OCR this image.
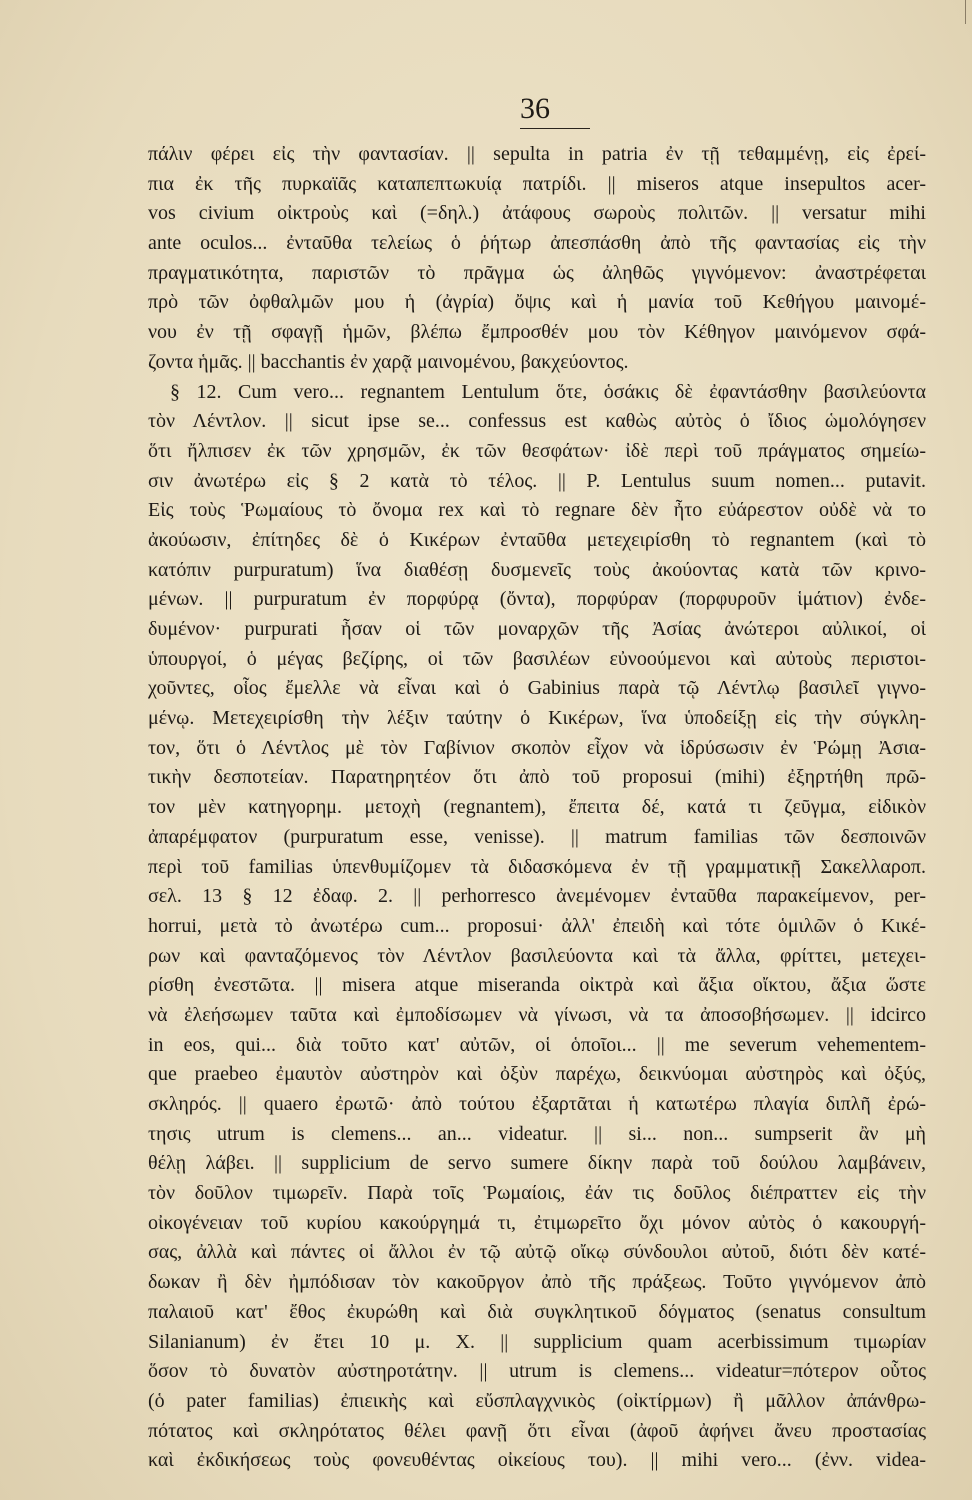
36
πάλιν φέρει εἰς τὴν φαντασίαν. || sepulta in patria ἐν τῇ τεθαμμένῃ, εἰς ἐρεί-
πια ἐκ τῆς πυρκαϊᾶς καταπεπτωκυίᾳ πατρίδι. || miseros atque insepultos acer-
vos civium οἰκτροὺς καὶ (=δηλ.) ἀτάφους σωροὺς πολιτῶν. || versatur mihi
ante oculos... ἐνταῦθα τελείως ὁ ῥήτωρ ἀπεσπάσθη ἀπὸ τῆς φαντασίας εἰς τὴν
πραγματικότητα, παριστῶν τὸ πρᾶγμα ὡς ἀληθῶς γιγνόμενον: ἀναστρέφεται
πρὸ τῶν ὀφθαλμῶν μου ἡ (ἀγρία) ὄψις καὶ ἡ μανία τοῦ Κεθήγου μαινομέ-
νου ἐν τῇ σφαγῇ ἡμῶν, βλέπω ἔμπροσθέν μου τὸν Κέθηγον μαινόμενον σφά-
ζοντα ἡμᾶς. || bacchantis ἐν χαρᾷ μαινομένου, βακχεύοντος.
§ 12. Cum vero... regnantem Lentulum ὅτε, ὁσάκις δὲ ἐφαντάσθην βασιλεύοντα
τὸν Λέντλον. || sicut ipse se... confessus est καθὼς αὐτὸς ὁ ἴδιος ὡμολόγησεν
ὅτι ἤλπισεν ἐκ τῶν χρησμῶν, ἐκ τῶν θεσφάτων· ἰδὲ περὶ τοῦ πράγματος σημείω-
σιν ἀνωτέρω εἰς § 2 κατὰ τὸ τέλος. || P. Lentulus suum nomen... putavit.
Εἰς τοὺς Ῥωμαίους τὸ ὄνομα rex καὶ τὸ regnare δὲν ἦτο εὐάρεστον οὐδὲ νὰ το
ἀκούωσιν, ἐπίτηδες δὲ ὁ Κικέρων ἐνταῦθα μετεχειρίσθη τὸ regnantem (καὶ τὸ
κατόπιν purpuratum) ἵνα διαθέσῃ δυσμενεῖς τοὺς ἀκούοντας κατὰ τῶν κρινο-
μένων. || purpuratum ἐν πορφύρᾳ (ὄντα), πορφύραν (πορφυροῦν ἱμάτιον) ἐνδε-
δυμένον· purpurati ἦσαν οἱ τῶν μοναρχῶν τῆς Ἀσίας ἀνώτεροι αὐλικοί, οἱ
ὑπουργοί, ὁ μέγας βεζίρης, οἱ τῶν βασιλέων εὐνοούμενοι καὶ αὐτοὺς περιστοι-
χοῦντες, οἷος ἔμελλε νὰ εἶναι καὶ ὁ Gabinius παρὰ τῷ Λέντλῳ βασιλεῖ γιγνο-
μένῳ. Μετεχειρίσθη τὴν λέξιν ταύτην ὁ Κικέρων, ἵνα ὑποδείξῃ εἰς τὴν σύγκλη-
τον, ὅτι ὁ Λέντλος μὲ τὸν Γαβίνιον σκοπὸν εἶχον νὰ ἱδρύσωσιν ἐν Ῥώμῃ Ἀσια-
τικὴν δεσποτείαν. Παρατηρητέον ὅτι ἀπὸ τοῦ proposui (mihi) ἐξηρτήθη πρῶ-
τον μὲν κατηγορημ. μετοχὴ (regnantem), ἔπειτα δέ, κατά τι ζεῦγμα, εἰδικὸν
ἀπαρέμφατον (purpuratum esse, venisse). || matrum familias τῶν δεσποινῶν
περὶ τοῦ familias ὑπενθυμίζομεν τὰ διδασκόμενα ἐν τῇ γραμματικῇ Σακελλαροπ.
σελ. 13 § 12 ἐδαφ. 2. || perhorresco ἀνεμένομεν ἐνταῦθα παρακείμενον, per-
horrui, μετὰ τὸ ἀνωτέρω cum... proposui· ἀλλ' ἐπειδὴ καὶ τότε ὁμιλῶν ὁ Κικέ-
ρων καὶ φανταζόμενος τὸν Λέντλον βασιλεύοντα καὶ τὰ ἄλλα, φρίττει, μετεχει-
ρίσθη ἐνεστῶτα. || misera atque miseranda οἰκτρὰ καὶ ἄξια οἴκτου, ἄξια ὥστε
νὰ ἐλεήσωμεν ταῦτα καὶ ἐμποδίσωμεν νὰ γίνωσι, νὰ τα ἀποσοβήσωμεν. || idcirco
in eos, qui... διὰ τοῦτο κατ' αὐτῶν, οἱ ὁποῖοι... || me severum vehementem-
que praebeo ἐμαυτὸν αὐστηρὸν καὶ ὀξὺν παρέχω, δεικνύομαι αὐστηρὸς καὶ ὀξύς,
σκληρός. || quaero ἐρωτῶ· ἀπὸ τούτου ἐξαρτᾶται ἡ κατωτέρω πλαγία διπλῆ ἐρώ-
τησις utrum is clemens... an... videatur. || si... non... sumpserit ἂν μὴ
θέλῃ λάβει. || supplicium de servo sumere δίκην παρὰ τοῦ δούλου λαμβάνειν,
τὸν δοῦλον τιμωρεῖν. Παρὰ τοῖς Ῥωμαίοις, ἐάν τις δοῦλος διέπραττεν εἰς τὴν
οἰκογένειαν τοῦ κυρίου κακούργημά τι, ἐτιμωρεῖτο ὄχι μόνον αὐτὸς ὁ κακουργή-
σας, ἀλλὰ καὶ πάντες οἱ ἄλλοι ἐν τῷ αὐτῷ οἴκῳ σύνδουλοι αὐτοῦ, διότι δὲν κατέ-
δωκαν ἢ δὲν ἠμπόδισαν τὸν κακοῦργον ἀπὸ τῆς πράξεως. Τοῦτο γιγνόμενον ἀπὸ
παλαιοῦ κατ' ἔθος ἐκυρώθη καὶ διὰ συγκλητικοῦ δόγματος (senatus consultum
Silanianum) ἐν ἔτει 10 μ. Χ. || supplicium quam acerbissimum τιμωρίαν
ὅσον τὸ δυνατὸν αὐστηροτάτην. || utrum is clemens... videatur=πότερον οὗτος
(ὁ pater familias) ἐπιεικὴς καὶ εὔσπλαγχνικὸς (οἰκτίρμων) ἢ μᾶλλον ἀπάνθρω-
πότατος καὶ σκληρότατος θέλει φανῇ ὅτι εἶναι (ἀφοῦ ἀφήνει ἄνευ προστασίας
καὶ ἐκδικήσεως τοὺς φονευθέντας οἰκείους του). || mihi vero... (ἐνν. videa-
